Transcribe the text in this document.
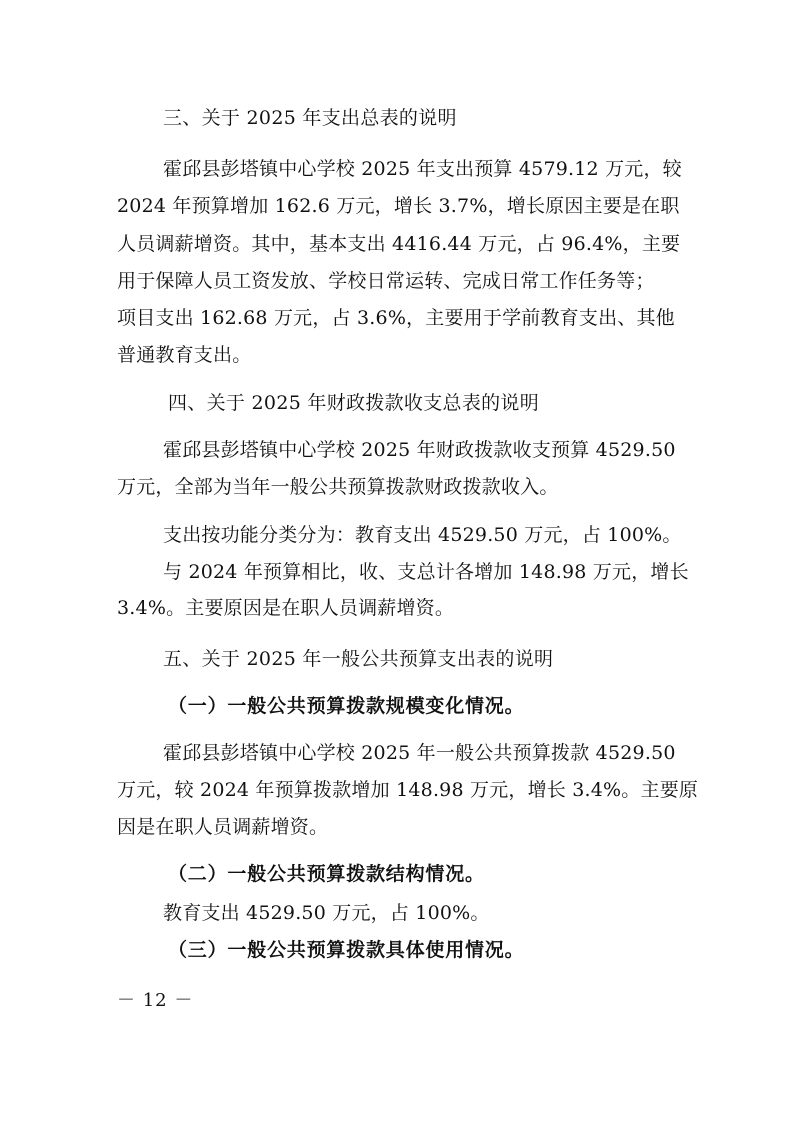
三、关于 2025 年支出总表的说明
霍邱县彭塔镇中心学校 2025 年支出预算 4579.12 万元，较
2024 年预算增加 162.6 万元，增长 3.7%，增长原因主要是在职
人员调薪增资。其中，基本支出 4416.44 万元，占 96.4%，主要
用于保障人员工资发放、学校日常运转、完成日常工作任务等；
项目支出 162.68 万元，占 3.6%，主要用于学前教育支出、其他
普通教育支出。
四、关于 2025 年财政拨款收支总表的说明
霍邱县彭塔镇中心学校 2025 年财政拨款收支预算 4529.50
万元，全部为当年一般公共预算拨款财政拨款收入。
支出按功能分类分为：教育支出 4529.50 万元，占 100%。
与 2024 年预算相比，收、支总计各增加 148.98 万元，增长
3.4%。主要原因是在职人员调薪增资。
五、关于 2025 年一般公共预算支出表的说明
（一）一般公共预算拨款规模变化情况。
霍邱县彭塔镇中心学校 2025 年一般公共预算拨款 4529.50
万元，较 2024 年预算拨款增加 148.98 万元，增长 3.4%。主要原
因是在职人员调薪增资。
（二）一般公共预算拨款结构情况。
教育支出 4529.50 万元，占 100%。
（三）一般公共预算拨款具体使用情况。
－ 12 －
